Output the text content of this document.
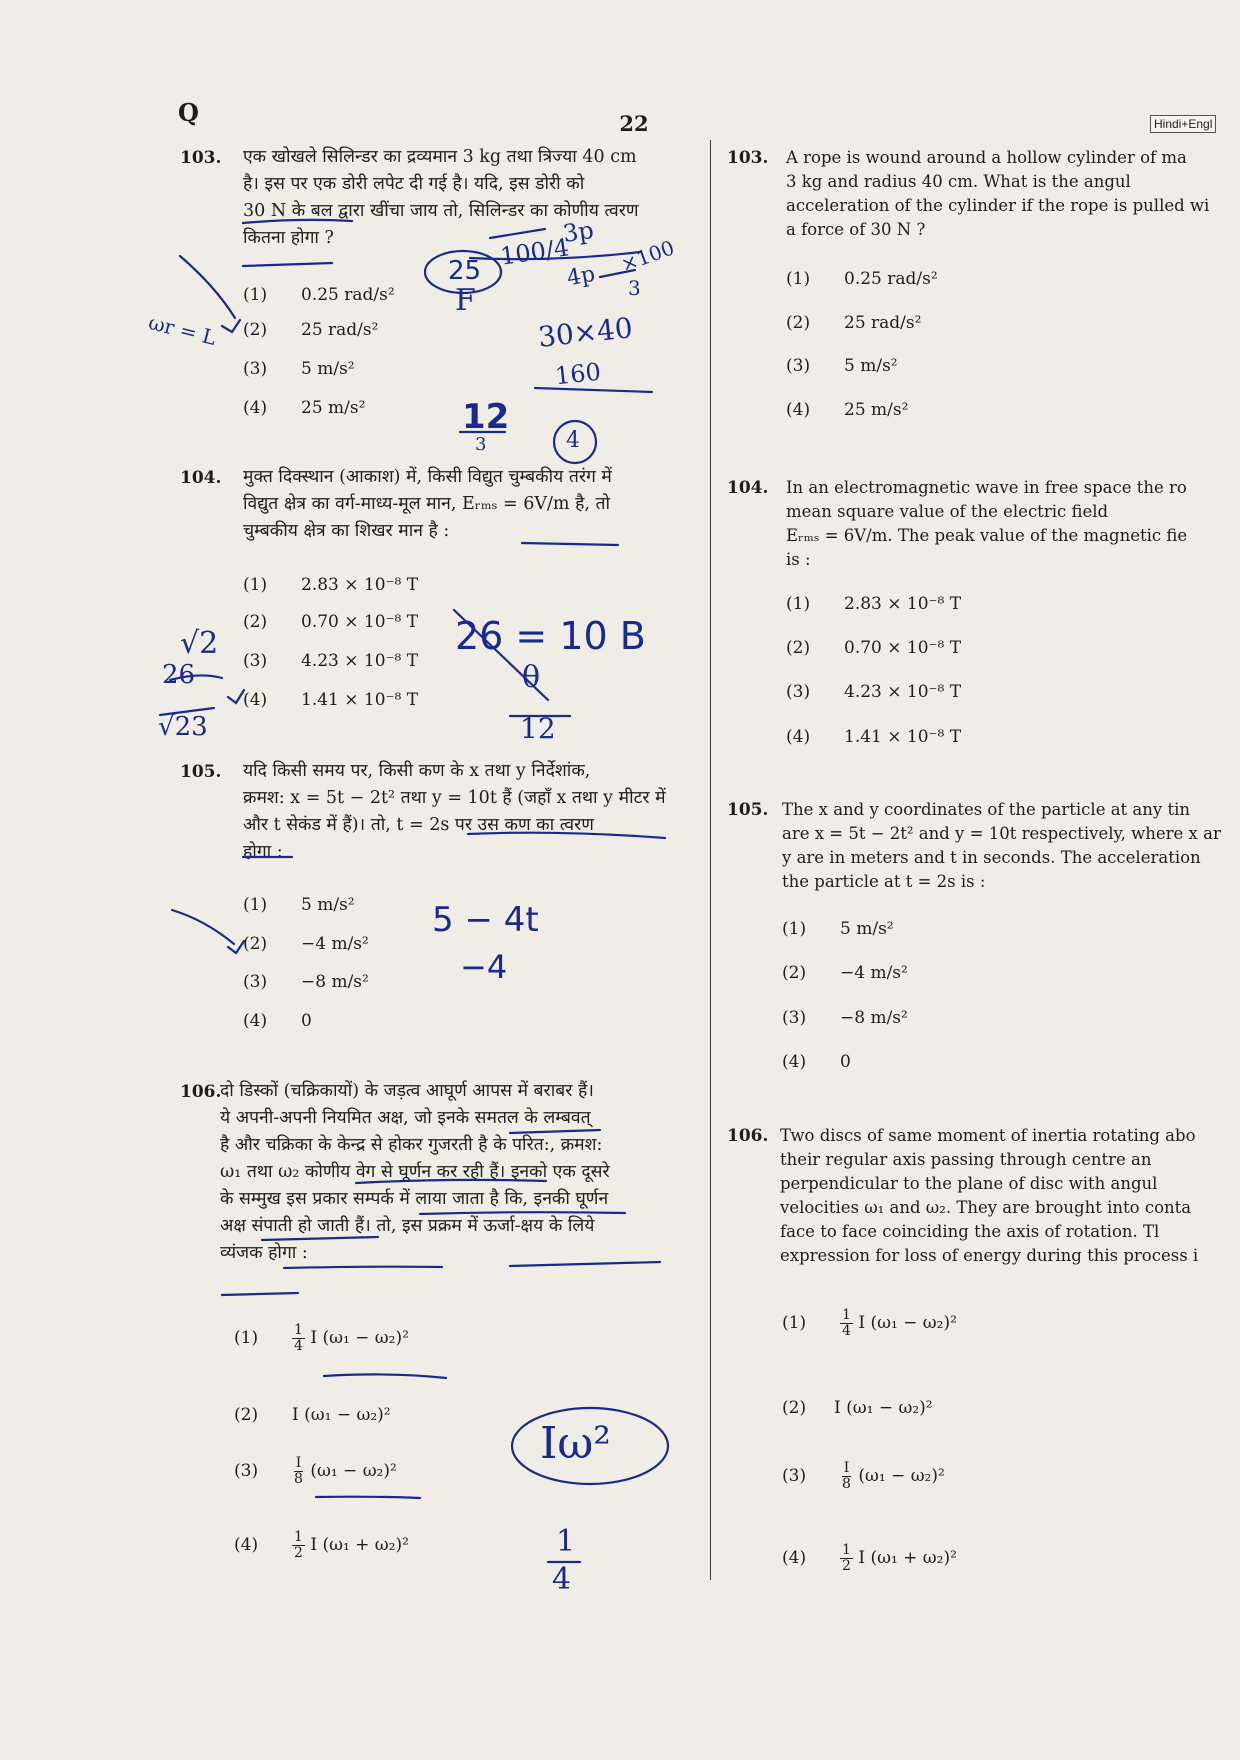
Q	22	Hindi+Engl
103. एक खोखले सिलिन्डर का द्रव्यमान 3 kg तथा त्रिज्या 40 cm
है। इस पर एक डोरी लपेट दी गई है। यदि, इस डोरी को
30 N के बल द्वारा खींचा जाय तो, सिलिन्डर का कोणीय त्वरण
कितना होगा ?
(1) 0.25 rad/s²
(2) 25 rad/s²
(3) 5 m/s²
(4) 25 m/s²
104. मुक्त दिक्स्थान (आकाश) में, किसी विद्युत चुम्बकीय तरंग में
विद्युत क्षेत्र का वर्ग-माध्य-मूल मान, Eᵣₘₛ = 6V/m है, तो
चुम्बकीय क्षेत्र का शिखर मान है :
(1) 2.83 × 10⁻⁸ T
(2) 0.70 × 10⁻⁸ T
(3) 4.23 × 10⁻⁸ T
(4) 1.41 × 10⁻⁸ T
105. यदि किसी समय पर, किसी कण के x तथा y निर्देशांक,
क्रमश: x = 5t − 2t² तथा y = 10t हैं (जहाँ x तथा y मीटर में
और t सेकंड में हैं)। तो, t = 2s पर उस कण का त्वरण
होगा :
(1) 5 m/s²
(2) −4 m/s²
(3) −8 m/s²
(4) 0
106.
दो डिस्कों (चक्रिकायों) के जड़त्व आघूर्ण आपस में बराबर हैं।
ये अपनी-अपनी नियमित अक्ष, जो इनके समतल के लम्बवत्
है और चक्रिका के केन्द्र से होकर गुजरती है के परित:, क्रमश:
ω₁ तथा ω₂ कोणीय वेग से घूर्णन कर रही हैं। इनको एक दूसरे
के सम्मुख इस प्रकार सम्पर्क में लाया जाता है कि, इनकी घूर्णन
अक्ष संपाती हो जाती हैं। तो, इस प्रक्रम में ऊर्जा-क्षय के लिये
व्यंजक होगा :
$(1) \frac{1}{4}$ I (ω₁ − ω₂)²
(2) I (ω₁ − ω₂)²
$(3) \frac{I}{8} (\omega_1 - \omega_2)^2$
$(4) \frac{1}{2}$ I (ω₁ + ω₂)²
103. A rope is wound around a hollow cylinder of ma
3 kg and radius 40 cm. What is the angul
acceleration of the cylinder if the rope is pulled wi
a force of 30 N ?
(1) 0.25 rad/s²
(2) 25 rad/s²
(3) 5 m/s²
(4) 25 m/s²
104. In an electromagnetic wave in free space the ro
mean square value of the electric field
Eᵣₘₛ = 6V/m. The peak value of the magnetic fie
is :
(1) 2.83 × 10⁻⁸ T
(2) 0.70 × 10⁻⁸ T
(3) 4.23 × 10⁻⁸ T
(4) 1.41 × 10⁻⁸ T
105. The x and y coordinates of the particle at any tin
are x = 5t − 2t² and y = 10t respectively, where x ar
y are in meters and t in seconds. The acceleration
the particle at t = 2s is :
(1) 5 m/s²
(2) −4 m/s²
(3) −8 m/s²
(4) 0
106. Two discs of same moment of inertia rotating abo
their regular axis passing through centre an
perpendicular to the plane of disc with angul
velocities ω₁ and ω₂. They are brought into conta
face to face coinciding the axis of rotation. Tl
expression for loss of energy during this process i
$(1) \frac{1}{4}$ I (ω₁ − ω₂)²
(2) I (ω₁ − ω₂)²
$(3) \frac{I}{8} (\omega_1 - \omega_2)^2$
$(4) \frac{1}{2}$ I (ω₁ + ω₂)²
25
F
100/4
3p
4p ×100
3
30×40
160
12
3	4
ωr = L
26 = 10 B
θ
12
√2
26
√23
5 − 4t
−4
Iω²
1
4
